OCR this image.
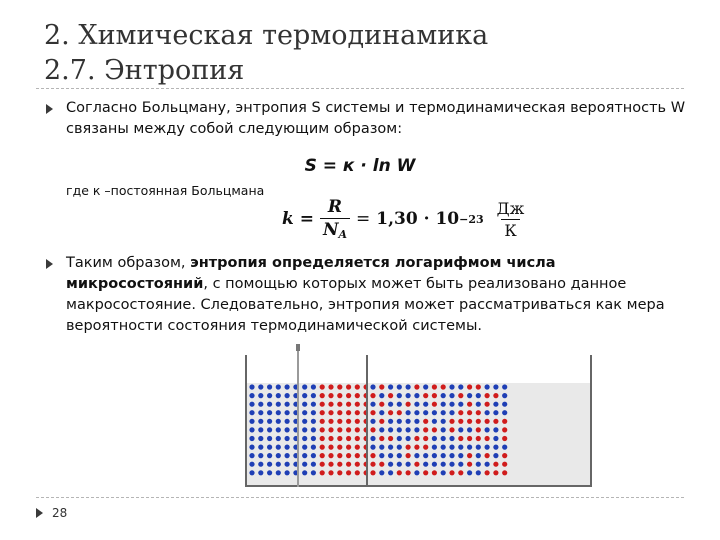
2. Химическая термодинамика
2.7. Энтропия

Согласно Больцману, энтропия S системы и термодинамическая вероятность W связаны между собой следующим образом:

S = к · ln W
где к –постоянная Больцмана
$k = \frac{R}{N_A} = 1,30 \cdot 10 -23 \frac{Дж}{К}$

Таким образом, энтропия определяется логарифмом числа микросостояний, с помощью которых может быть реализовано данное макросостояние. Следовательно, энтропия может рассматриваться как мера вероятности состояния термодинамической системы.

28
